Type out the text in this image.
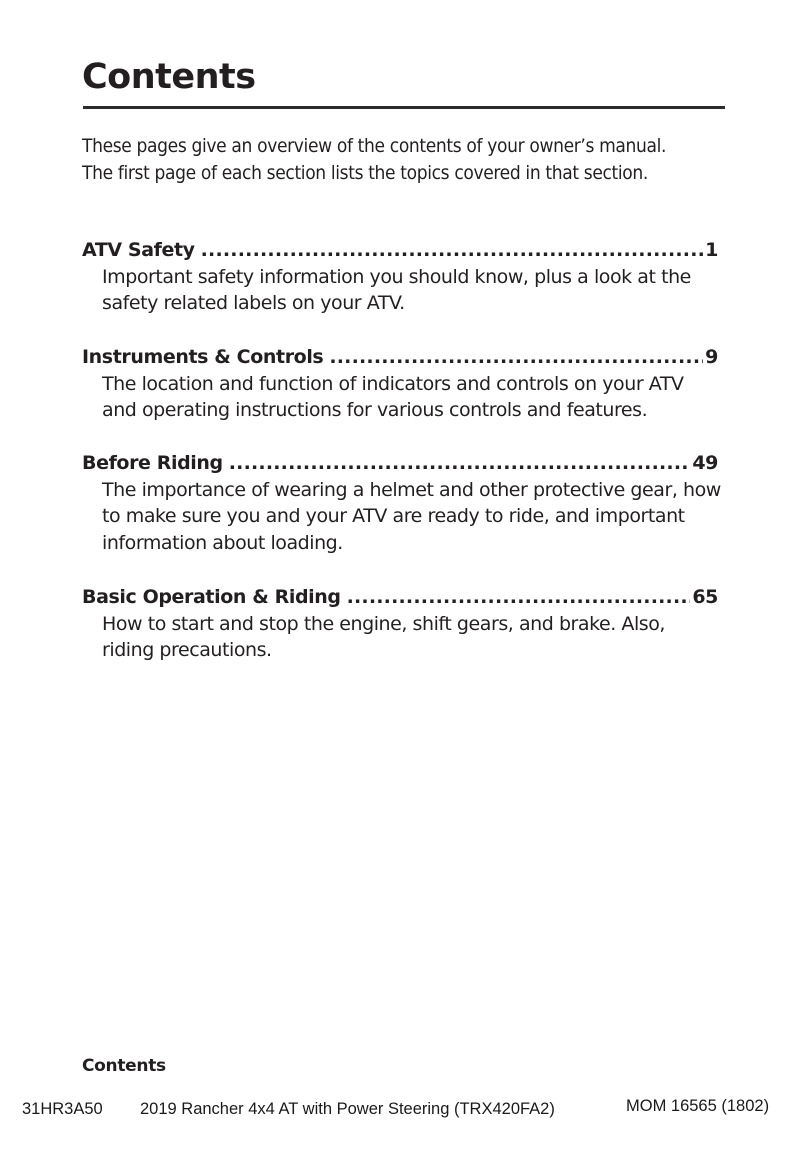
Contents

These pages give an overview of the contents of your owner’s manual.

The first page of each section lists the topics covered in that section.

ATV Safety .....	1

Important safety information you should know, plus a look at the safety related labels on your ATV.

Instruments & Controls .....	9

The location and function of indicators and controls on your ATV and operating instructions for various controls and features.

Before Riding .....	49

The importance of wearing a helmet and other protective gear, how to make sure you and your ATV are ready to ride, and important information about loading.

Basic Operation & Riding .....	65

How to start and stop the engine, shift gears, and brake. Also, riding precautions.

Contents
31HR3A50 2019 Rancher 4x4 AT with Power Steering (TRX420FA2)	MOM 16565 (1802)
